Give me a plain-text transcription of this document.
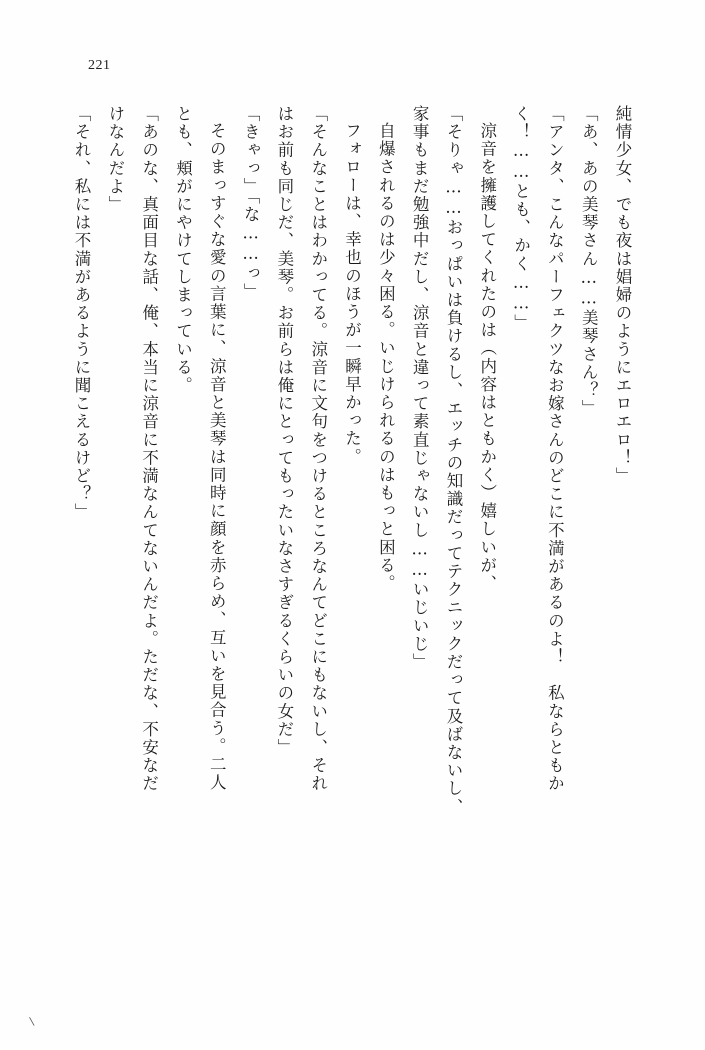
221
純情少女、でも夜は娼婦のようにエロエロ！」
「あ、あの美琴さん……美琴さん？」
「アンタ、こんなパーフェクツなお嫁さんのどこに不満があるのよ！　私ならともか
く！……とも、かく……」
涼音を擁護してくれたのは（内容はともかく）嬉しいが、
「そりゃ……おっぱいは負けるし、エッチの知識だってテクニックだって及ばないし、
家事もまだ勉強中だし、涼音と違って素直じゃないし……いじいじ」
自爆されるのは少々困る。いじけられるのはもっと困る。
フォローは、幸也のほうが一瞬早かった。
「そんなことはわかってる。涼音に文句をつけるところなんてどこにもないし、それ
はお前も同じだ、美琴。お前らは俺にとってもったいなさすぎるくらいの女だ」
「きゃっ」「な……っ」
そのまっすぐな愛の言葉に、涼音と美琴は同時に顔を赤らめ、互いを見合う。二人
とも、頬がにやけてしまっている。
「あのな、真面目な話、俺、本当に涼音に不満なんてないんだよ。ただな、不安なだ
けなんだよ」
「それ、私には不満があるように聞こえるけど？」
\
